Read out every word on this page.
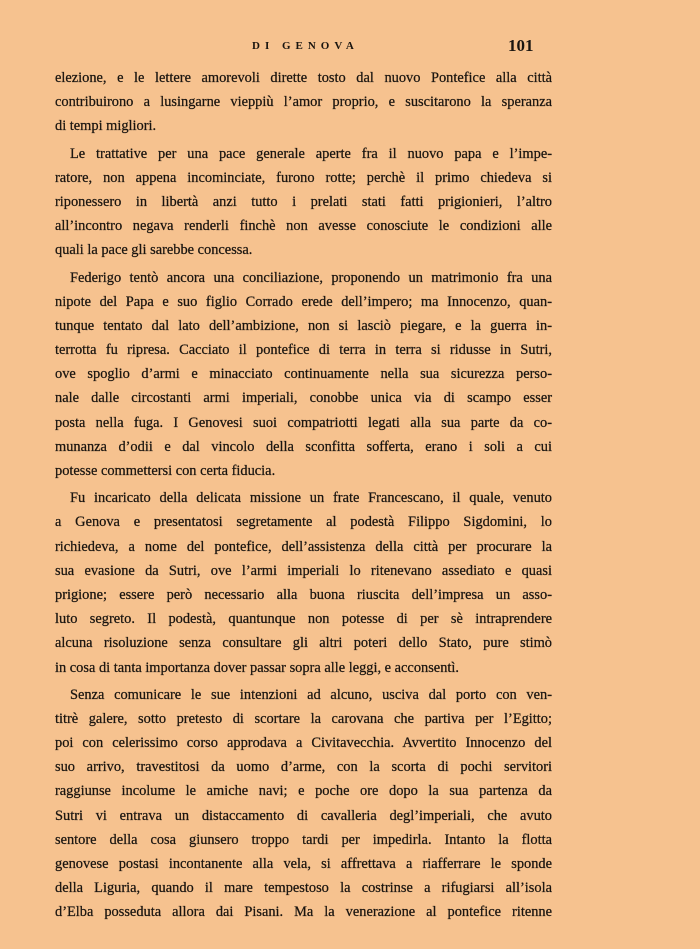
DI GENOVA	101
elezione, e le lettere amorevoli dirette tosto dal nuovo Pontefice alla città
contribuirono a lusingarne vieppiù l’amor proprio, e suscitarono la speranza
di tempi migliori.
Le trattative per una pace generale aperte fra il nuovo papa e l’impe-
ratore, non appena incominciate, furono rotte; perchè il primo chiedeva si
riponessero in libertà anzi tutto i prelati stati fatti prigionieri, l’altro
all’incontro negava renderli finchè non avesse conosciute le condizioni alle
quali la pace gli sarebbe concessa.
Federigo tentò ancora una conciliazione, proponendo un matrimonio fra una
nipote del Papa e suo figlio Corrado erede dell’impero; ma Innocenzo, quan-
tunque tentato dal lato dell’ambizione, non si lasciò piegare, e la guerra in-
terrotta fu ripresa. Cacciato il pontefice di terra in terra si ridusse in Sutri,
ove spoglio d’armi e minacciato continuamente nella sua sicurezza perso-
nale dalle circostanti armi imperiali, conobbe unica via di scampo esser
posta nella fuga. I Genovesi suoi compatriotti legati alla sua parte da co-
munanza d’odii e dal vincolo della sconfitta sofferta, erano i soli a cui
potesse commettersi con certa fiducia.
Fu incaricato della delicata missione un frate Francescano, il quale, venuto
a Genova e presentatosi segretamente al podestà Filippo Sigdomini, lo
richiedeva, a nome del pontefice, dell’assistenza della città per procurare la
sua evasione da Sutri, ove l’armi imperiali lo ritenevano assediato e quasi
prigione; essere però necessario alla buona riuscita dell’impresa un asso-
luto segreto. Il podestà, quantunque non potesse di per sè intraprendere
alcuna risoluzione senza consultare gli altri poteri dello Stato, pure stimò
in cosa di tanta importanza dover passar sopra alle leggi, e acconsentì.
Senza comunicare le sue intenzioni ad alcuno, usciva dal porto con ven-
titrè galere, sotto pretesto di scortare la carovana che partiva per l’Egitto;
poi con celerissimo corso approdava a Civitavecchia. Avvertito Innocenzo del
suo arrivo, travestitosi da uomo d’arme, con la scorta di pochi servitori
raggiunse incolume le amiche navi; e poche ore dopo la sua partenza da
Sutri vi entrava un distaccamento di cavalleria degl’imperiali, che avuto
sentore della cosa giunsero troppo tardi per impedirla. Intanto la flotta
genovese postasi incontanente alla vela, si affrettava a riafferrare le sponde
della Liguria, quando il mare tempestoso la costrinse a rifugiarsi all’isola
d’Elba posseduta allora dai Pisani. Ma la venerazione al pontefice ritenne
